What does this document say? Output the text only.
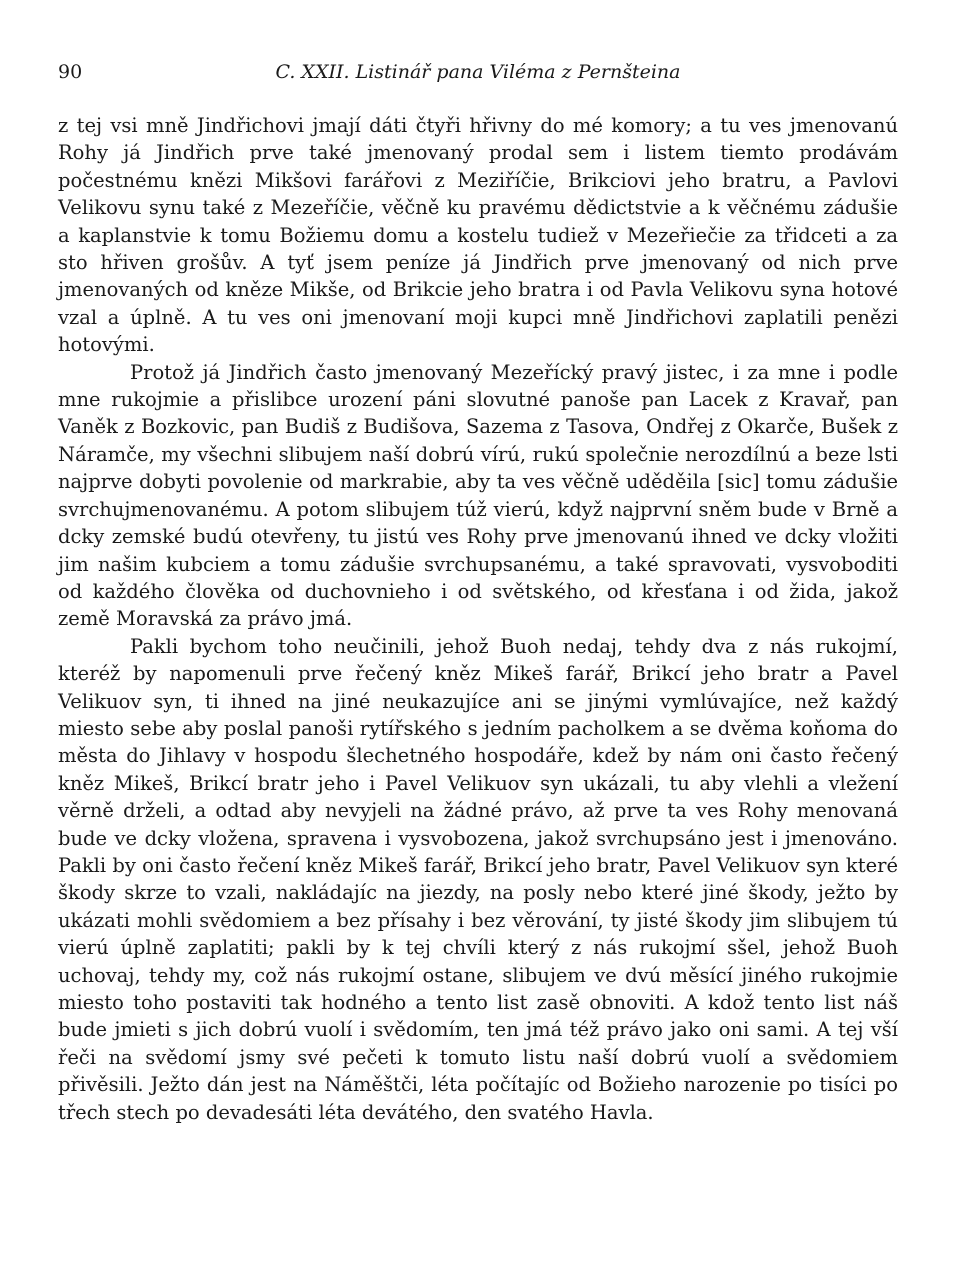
90	C. XXII. Listinář pana Viléma z Pernšteina

z tej vsi mně Jindřichovi jmají dáti čtyři hřivny do mé komory; a tu ves jmenovanú Rohy já Jindřich prve také jmenovaný prodal sem i listem tiemto prodávám počestnému knězi Mikšovi farářovi z Meziříčie, Brikciovi jeho bratru, a Pavlovi Velikovu synu také z Mezeříčie, věčně ku pravému dědictstvie a k věčnému zádušie a kaplanstvie k tomu Božiemu domu a kostelu tudiež v Mezeřiečie za třidceti a za sto hřiven grošův. A tyť jsem peníze já Jindřich prve jmenovaný od nich prve jmenovaných od kněze Mikše, od Brikcie jeho bratra i od Pavla Velikovu syna hotové vzal a úplně. A tu ves oni jmenovaní moji kupci mně Jindřichovi zaplatili penězi hotovými.

Protož já Jindřich často jmenovaný Mezeřícký pravý jistec, i za mne i podle mne rukojmie a přislibce urození páni slovutné panoše pan Lacek z Kravař, pan Vaněk z Bozkovic, pan Budiš z Budišova, Sazema z Tasova, Ondřej z Okarče, Bušek z Náramče, my všechni slibujem naší dobrú vírú, rukú společnie nerozdílnú a beze lsti najprve dobyti povolenie od markrabie, aby ta ves věčně uděděila [sic] tomu zádušie svrchujmenovanému. A potom slibujem túž vierú, když najprvní sněm bude v Brně a dcky zemské budú otevřeny, tu jistú ves Rohy prve jmenovanú ihned ve dcky vložiti jim našim kubciem a tomu zádušie svrchupsanému, a také spravovati, vysvoboditi od každého člověka od duchovnieho i od světského, od křesťana i od žida, jakož země Moravská za právo jmá.

Pakli bychom toho neučinili, jehož Buoh nedaj, tehdy dva z nás rukojmí, kteréž by napomenuli prve řečený kněz Mikeš farář, Brikcí jeho bratr a Pavel Velikuov syn, ti ihned na jiné neukazujíce ani se jinými vymlúvajíce, než každý miesto sebe aby poslal panoši rytířského s jedním pacholkem a se dvěma koňoma do města do Jihlavy v hospodu šlechetného hospodáře, kdež by nám oni často řečený kněz Mikeš, Brikcí bratr jeho i Pavel Velikuov syn ukázali, tu aby vlehli a vležení věrně drželi, a odtad aby nevyjeli na žádné právo, až prve ta ves Rohy menovaná bude ve dcky vložena, spravena i vysvobozena, jakož svrchupsáno jest i jmenováno. Pakli by oni často řečení kněz Mikeš farář, Brikcí jeho bratr, Pavel Velikuov syn které škody skrze to vzali, nakládajíc na jiezdy, na posly nebo které jiné škody, ježto by ukázati mohli svědomiem a bez přísahy i bez věrování, ty jisté škody jim slibujem tú vierú úplně zaplatiti; pakli by k tej chvíli který z nás rukojmí sšel, jehož Buoh uchovaj, tehdy my, což nás rukojmí ostane, slibujem ve dvú měsící jiného rukojmie miesto toho postaviti tak hodného a tento list zasě obnoviti. A kdož tento list náš bude jmieti s jich dobrú vuolí i svědomím, ten jmá též právo jako oni sami. A tej vší řeči na svědomí jsmy své pečeti k tomuto listu naší dobrú vuolí a svědomiem přivěsili. Ježto dán jest na Náměštči, léta počítajíc od Božieho narozenie po tisíci po třech stech po devadesáti léta devátého, den svatého Havla.
